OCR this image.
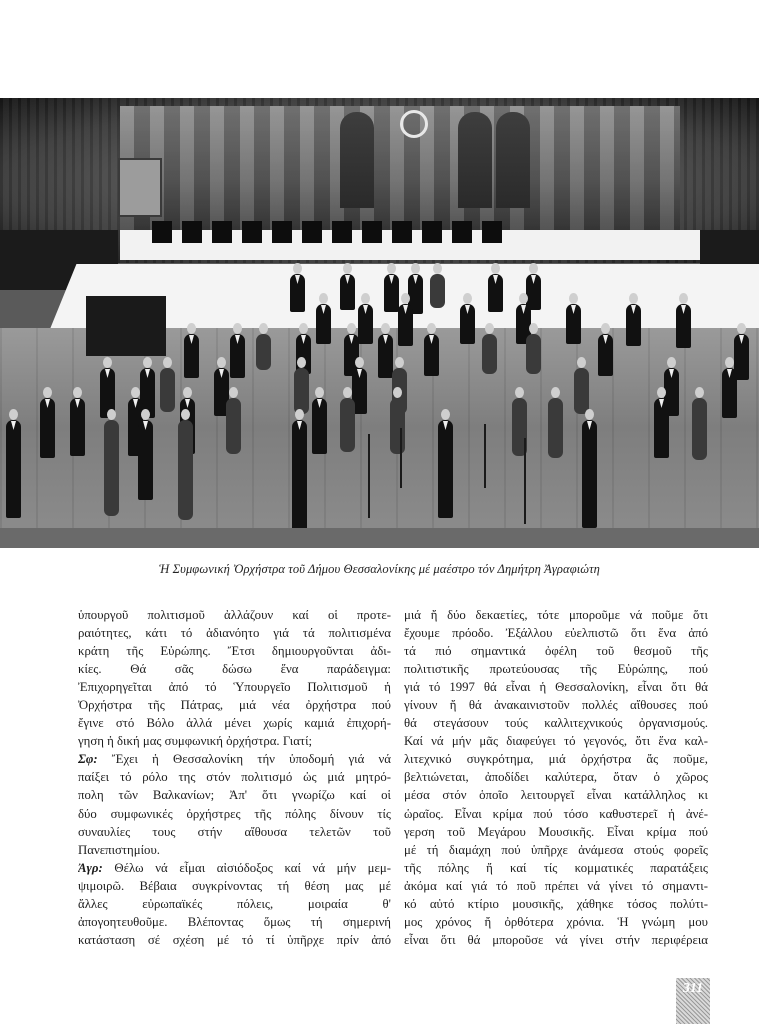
Ἡ Συμφωνική Ὀρχήστρα τοῦ Δήμου Θεσσαλονίκης μέ μαέστρο τόν Δημήτρη Ἀγραφιώτη
ὑπουργοῦ πολιτισμοῦ ἀλλάζουν καί οἱ προτε-
ραιότητες, κάτι τό ἀδιανόητο γιά τά πολιτισμένα
κράτη τῆς Εὐρώπης. Ἔτσι δημιουργοῦνται ἀδι-
κίες. Θά σᾶς δώσω ἕνα παράδειγμα:
Ἐπιχορηγεῖται ἀπό τό Ὑπουργεῖο Πολιτισμοῦ ἡ
Ὀρχήστρα τῆς Πάτρας, μιά νέα ὀρχήστρα πού
ἔγινε στό Βόλο ἀλλά μένει χωρίς καμιά ἐπιχορή-
γηση ἡ δική μας συμφωνική ὀρχήστρα. Γιατί;
Σφ: Ἔχει ἡ Θεσσαλονίκη τήν ὑποδομή γιά νά
παίξει τό ρόλο της στόν πολιτισμό ὡς μιά μητρό-
πολη τῶν Βαλκανίων; Ἀπ' ὅτι γνωρίζω καί οἱ
δύο συμφωνικές ὀρχήστρες τῆς πόλης δίνουν τίς
συναυλίες τους στήν αἴθουσα τελετῶν τοῦ
Πανεπιστημίου.
Ἀγρ: Θέλω νά εἶμαι αἰσιόδοξος καί νά μήν μεμ-
ψιμοιρῶ. Βέβαια συγκρίνοντας τή θέση μας μέ
ἄλλες εὐρωπαϊκές πόλεις, μοιραία θ'
ἀπογοητευθοῦμε. Βλέποντας ὅμως τή σημερινή
κατάσταση σέ σχέση μέ τό τί ὑπῆρχε πρίν ἀπό
μιά ἤ δύο δεκαετίες, τότε μποροῦμε νά ποῦμε ὅτι
ἔχουμε πρόοδο. Ἐξάλλου εὐελπιστῶ ὅτι ἕνα ἀπό
τά πιό σημαντικά ὀφέλη τοῦ θεσμοῦ τῆς
πολιτιστικῆς πρωτεύουσας τῆς Εὐρώπης, πού
γιά τό 1997 θά εἶναι ἡ Θεσσαλονίκη, εἶναι ὅτι θά
γίνουν ἤ θά ἀνακαινιστοῦν πολλές αἴθουσες πού
θά στεγάσουν τούς καλλιτεχνικούς ὀργανισμούς.
Καί νά μήν μᾶς διαφεύγει τό γεγονός, ὅτι ἕνα καλ-
λιτεχνικό συγκρότημα, μιά ὀρχήστρα ἄς ποῦμε,
βελτιώνεται, ἀποδίδει καλύτερα, ὅταν ὁ χῶρος
μέσα στόν ὁποῖο λειτουργεῖ εἶναι κατάλληλος κι
ὡραῖος. Εἶναι κρίμα πού τόσο καθυστερεῖ ἡ ἀνέ-
γερση τοῦ Μεγάρου Μουσικῆς. Εἶναι κρίμα πού
μέ τή διαμάχη πού ὑπῆρχε ἀνάμεσα στούς φορεῖς
τῆς πόλης ἤ καί τίς κομματικές παρατάξεις
ἀκόμα καί γιά τό ποῦ πρέπει νά γίνει τό σημαντι-
κό αὐτό κτίριο μουσικῆς, χάθηκε τόσος πολύτι-
μος χρόνος ἤ ὀρθότερα χρόνια. Ἡ γνώμη μου
εἶναι ὅτι θά μποροῦσε νά γίνει στήν περιφέρεια
311
